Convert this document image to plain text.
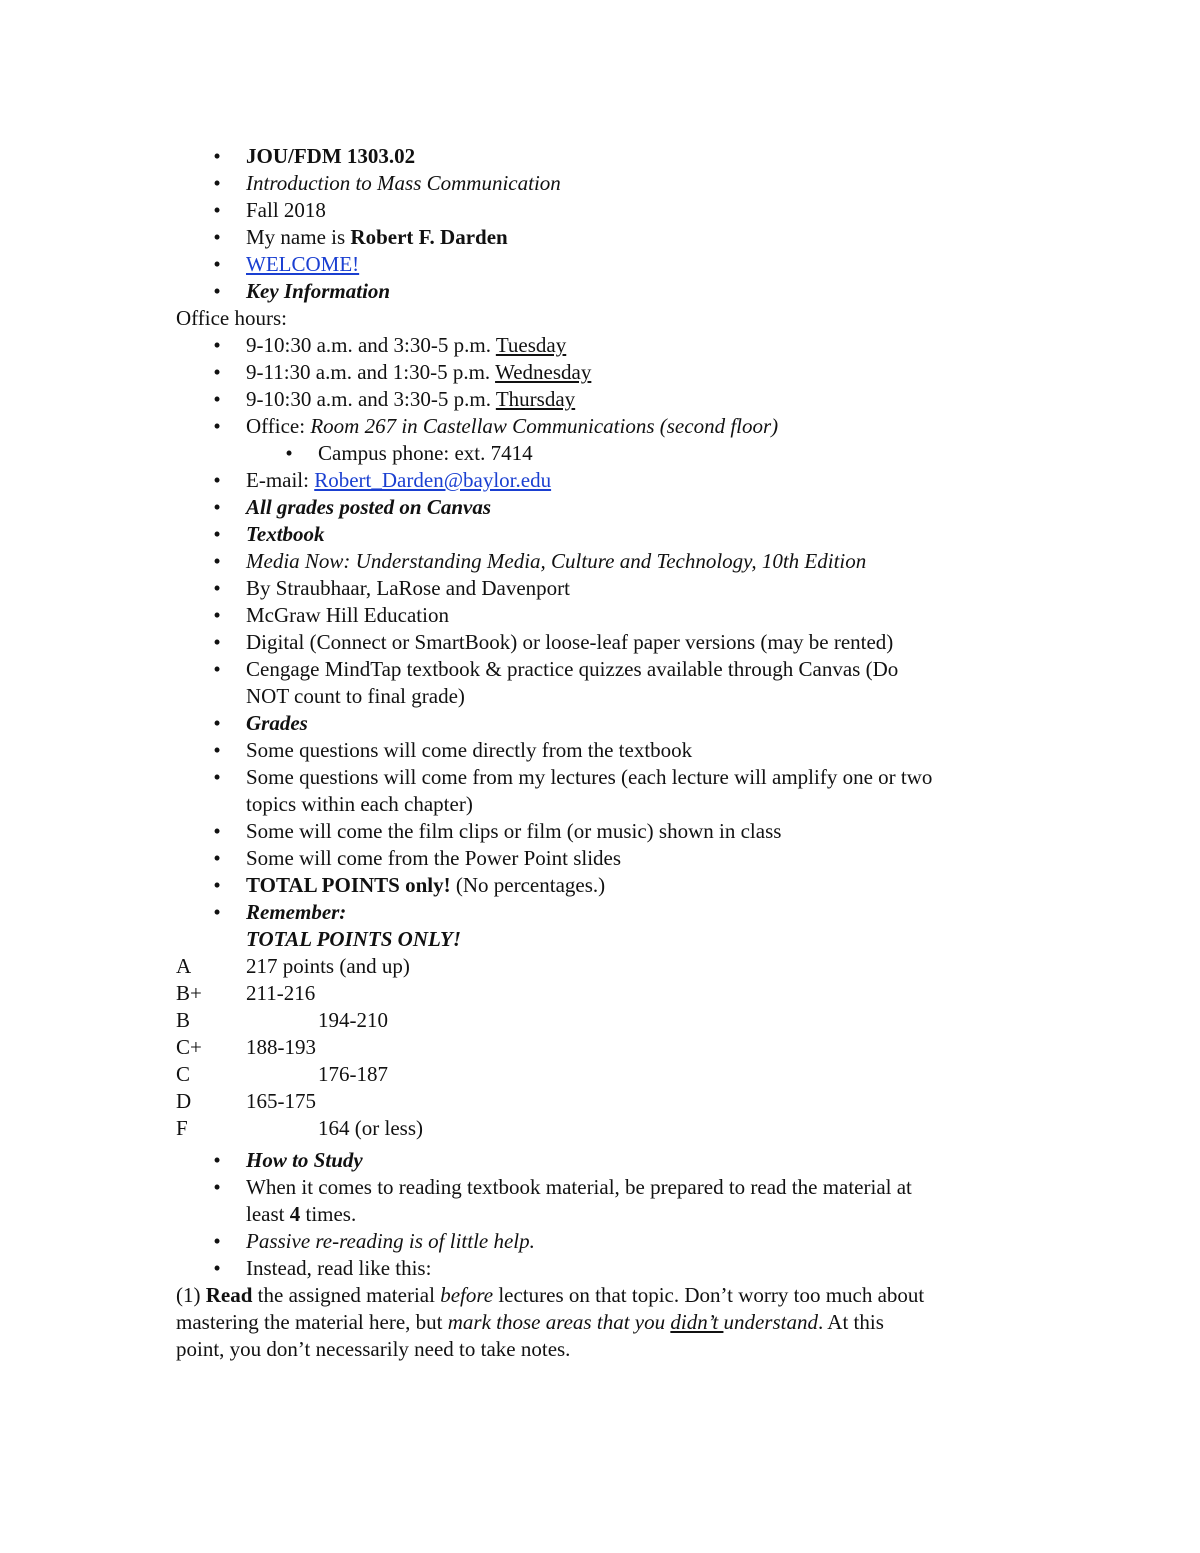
• JOU/FDM 1303.02
• Introduction to Mass Communication
• Fall 2018
• My name is Robert F. Darden
• WELCOME!
• Key Information
Office hours:
• 9-10:30 a.m. and 3:30-5 p.m. Tuesday
• 9-11:30 a.m. and 1:30-5 p.m. Wednesday
• 9-10:30 a.m. and 3:30-5 p.m. Thursday
• Office: Room 267 in Castellaw Communications (second floor)
• Campus phone: ext. 7414
• E-mail: Robert_Darden@baylor.edu
• All grades posted on Canvas
• Textbook
• Media Now: Understanding Media, Culture and Technology, 10th Edition
• By Straubhaar, LaRose and Davenport
• McGraw Hill Education
• Digital (Connect or SmartBook) or loose-leaf paper versions (may be rented)
• Cengage MindTap textbook & practice quizzes available through Canvas (Do
NOT count to final grade)
• Grades
• Some questions will come directly from the textbook
• Some questions will come from my lectures (each lecture will amplify one or two
topics within each chapter)
• Some will come the film clips or film (or music) shown in class
• Some will come from the Power Point slides
• TOTAL POINTS only! (No percentages.)
• Remember:
TOTAL POINTS ONLY!
A	217 points (and up)
B+ 211-216
B	194-210
C+ 188-193
C	176-187
D	165-175
F	164 (or less)
• How to Study
• When it comes to reading textbook material, be prepared to read the material at
least 4 times.
• Passive re-reading is of little help.
• Instead, read like this:
(1) Read the assigned material before lectures on that topic. Don’t worry too much about
mastering the material here, but mark those areas that you didn’t understand. At this
point, you don’t necessarily need to take notes.
